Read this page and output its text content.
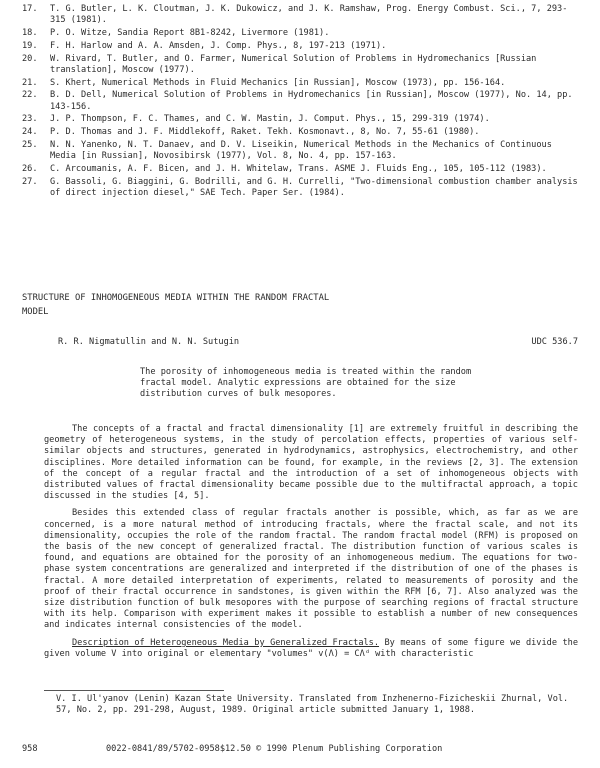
17.	T. G. Butler, L. K. Cloutman, J. K. Dukowicz, and J. K. Ramshaw, Prog. Energy Combust. Sci., 7, 293-315 (1981).
18.	P. O. Witze, Sandia Report 8B1-8242, Livermore (1981).
19.	F. H. Harlow and A. A. Amsden, J. Comp. Phys., 8, 197-213 (1971).
20.	W. Rivard, T. Butler, and O. Farmer, Numerical Solution of Problems in Hydromechanics [Russian translation], Moscow (1977).
21.	S. Khert, Numerical Methods in Fluid Mechanics [in Russian], Moscow (1973), pp. 156-164.
22.	B. D. Dell, Numerical Solution of Problems in Hydromechanics [in Russian], Moscow (1977), No. 14, pp. 143-156.
23.	J. P. Thompson, F. C. Thames, and C. W. Mastin, J. Comput. Phys., 15, 299-319 (1974).
24.	P. D. Thomas and J. F. Middlekoff, Raket. Tekh. Kosmonavt., 8, No. 7, 55-61 (1980).
25.	N. N. Yanenko, N. T. Danaev, and D. V. Liseikin, Numerical Methods in the Mechanics of Continuous Media [in Russian], Novosibirsk (1977), Vol. 8, No. 4, pp. 157-163.
26.	C. Arcoumanis, A. F. Bicen, and J. H. Whitelaw, Trans. ASME J. Fluids Eng., 105, 105-112 (1983).
27.	G. Bassoli, G. Biaggini, G. Bodrilli, and G. H. Currelli, "Two-dimensional combustion chamber analysis of direct injection diesel," SAE Tech. Paper Ser. (1984).
STRUCTURE OF INHOMOGENEOUS MEDIA WITHIN THE RANDOM FRACTAL
MODEL
R. R. Nigmatullin and N. N. Sutugin	UDC 536.7
The porosity of inhomogeneous media is treated within the random fractal model. Analytic expressions are obtained for the size distribution curves of bulk mesopores.

The concepts of a fractal and fractal dimensionality [1] are extremely fruitful in describing the geometry of heterogeneous systems, in the study of percolation effects, properties of various self-similar objects and structures, generated in hydrodynamics, astrophysics, electrochemistry, and other disciplines. More detailed information can be found, for example, in the reviews [2, 3]. The extension of the concept of a regular fractal and the introduction of a set of inhomogeneous objects with distributed values of fractal dimensionality became possible due to the multifractal approach, a topic discussed in the studies [4, 5].

Besides this extended class of regular fractals another is possible, which, as far as we are concerned, is a more natural method of introducing fractals, where the fractal scale, and not its dimensionality, occupies the role of the random fractal. The random fractal model (RFM) is proposed on the basis of the new concept of generalized fractal. The distribution function of various scales is found, and equations are obtained for the porosity of an inhomogeneous medium. The equations for two-phase system concentrations are generalized and interpreted if the distribution of one of the phases is fractal. A more detailed interpretation of experiments, related to measurements of porosity and the proof of their fractal occurrence in sandstones, is given within the RFM [6, 7]. Also analyzed was the size distribution function of bulk mesopores with the purpose of searching regions of fractal structure with its help. Comparison with experiment makes it possible to establish a number of new consequences and indicates internal consistencies of the model.

Description of Heterogeneous Media by Generalized Fractals. By means of some figure we divide the given volume V into original or elementary "volumes" v(Λ) = CΛᵈ with characteristic

V. I. Ul'yanov (Lenin) Kazan State University. Translated from Inzhenerno-Fizicheskii Zhurnal, Vol. 57, No. 2, pp. 291-298, August, 1989. Original article submitted January 1, 1988.
958	0022-0841/89/5702-0958$12.50 © 1990 Plenum Publishing Corporation
